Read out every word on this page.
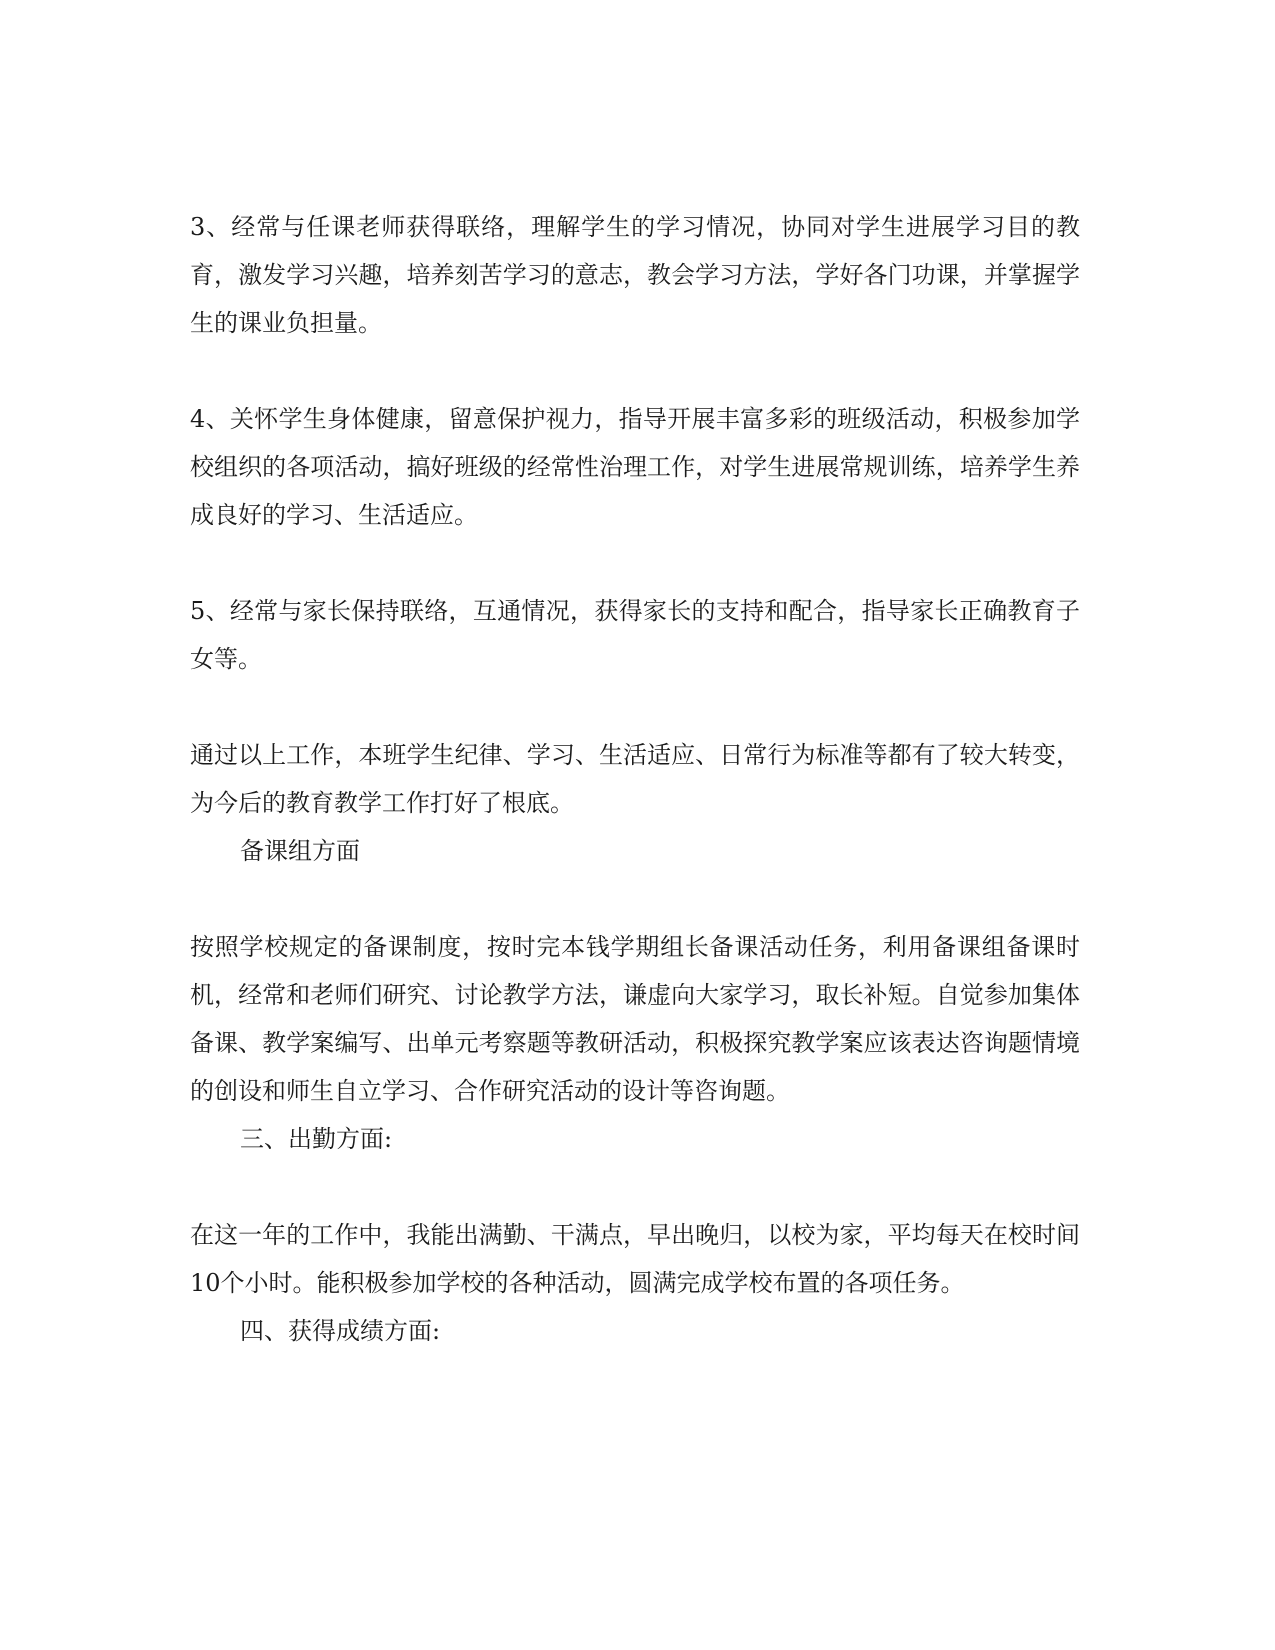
3、经常与任课老师获得联络，理解学生的学习情况，协同对学生进展学习目的教育，激发学习兴趣，培养刻苦学习的意志，教会学习方法，学好各门功课，并掌握学生的课业负担量。

4、关怀学生身体健康，留意保护视力，指导开展丰富多彩的班级活动，积极参加学校组织的各项活动，搞好班级的经常性治理工作，对学生进展常规训练，培养学生养成良好的学习、生活适应。

5、经常与家长保持联络，互通情况，获得家长的支持和配合，指导家长正确教育子女等。

通过以上工作，本班学生纪律、学习、生活适应、日常行为标准等都有了较大转变，为今后的教育教学工作打好了根底。

备课组方面

按照学校规定的备课制度，按时完本钱学期组长备课活动任务，利用备课组备课时机，经常和老师们研究、讨论教学方法，谦虚向大家学习，取长补短。自觉参加集体备课、教学案编写、出单元考察题等教研活动，积极探究教学案应该表达咨询题情境的创设和师生自立学习、合作研究活动的设计等咨询题。

三、出勤方面:

在这一年的工作中，我能出满勤、干满点，早出晚归，以校为家，平均每天在校时间10个小时。能积极参加学校的各种活动，圆满完成学校布置的各项任务。

四、获得成绩方面:
